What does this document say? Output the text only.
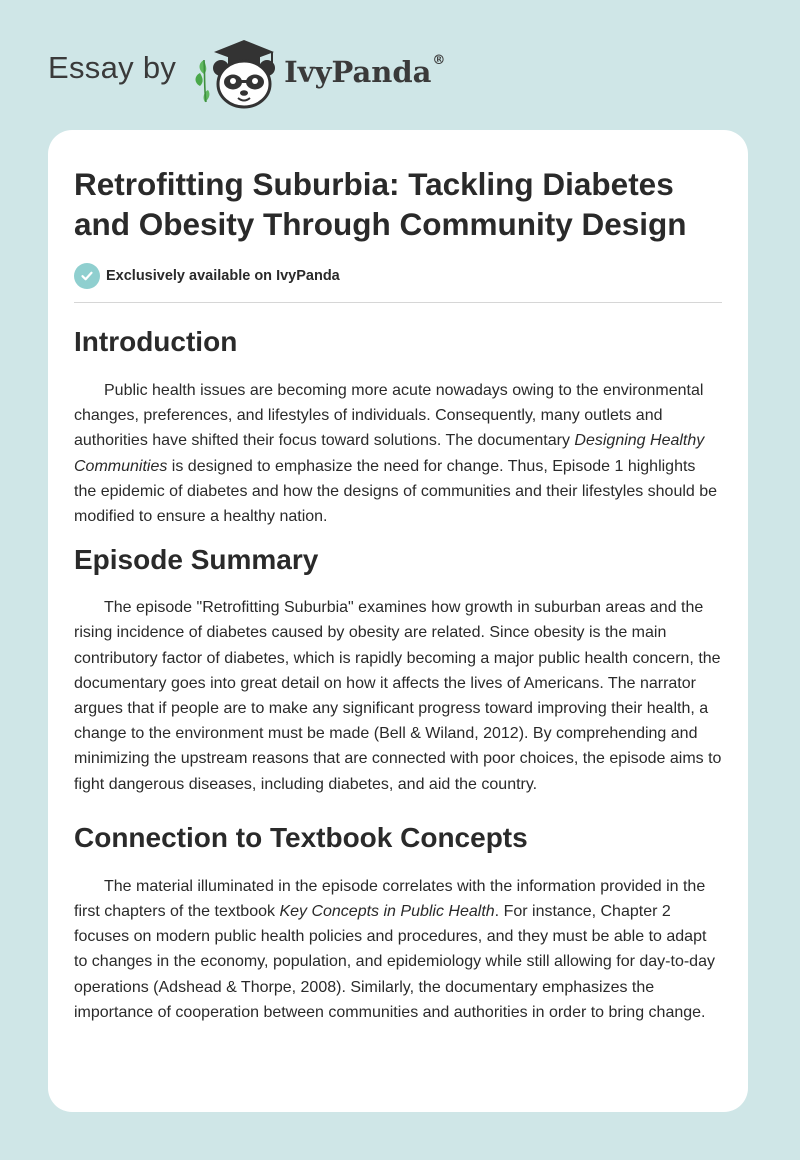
Essay by	IvyPanda®
Retrofitting Suburbia: Tackling Diabetes and Obesity Through Community Design
Exclusively available on IvyPanda
Introduction

Public health issues are becoming more acute nowadays owing to the environmental changes, preferences, and lifestyles of individuals. Consequently, many outlets and authorities have shifted their focus toward solutions. The documentary Designing Healthy Communities is designed to emphasize the need for change. Thus, Episode 1 highlights the epidemic of diabetes and how the designs of communities and their lifestyles should be modified to ensure a healthy nation.

Episode Summary

The episode "Retrofitting Suburbia" examines how growth in suburban areas and the rising incidence of diabetes caused by obesity are related. Since obesity is the main contributory factor of diabetes, which is rapidly becoming a major public health concern, the documentary goes into great detail on how it affects the lives of Americans. The narrator argues that if people are to make any significant progress toward improving their health, a change to the environment must be made (Bell & Wiland, 2012). By comprehending and minimizing the upstream reasons that are connected with poor choices, the episode aims to fight dangerous diseases, including diabetes, and aid the country.

Connection to Textbook Concepts

The material illuminated in the episode correlates with the information provided in the first chapters of the textbook Key Concepts in Public Health. For instance, Chapter 2 focuses on modern public health policies and procedures, and they must be able to adapt to changes in the economy, population, and epidemiology while still allowing for day-to-day operations (Adshead & Thorpe, 2008). Similarly, the documentary emphasizes the importance of cooperation between communities and authorities in order to bring change.
